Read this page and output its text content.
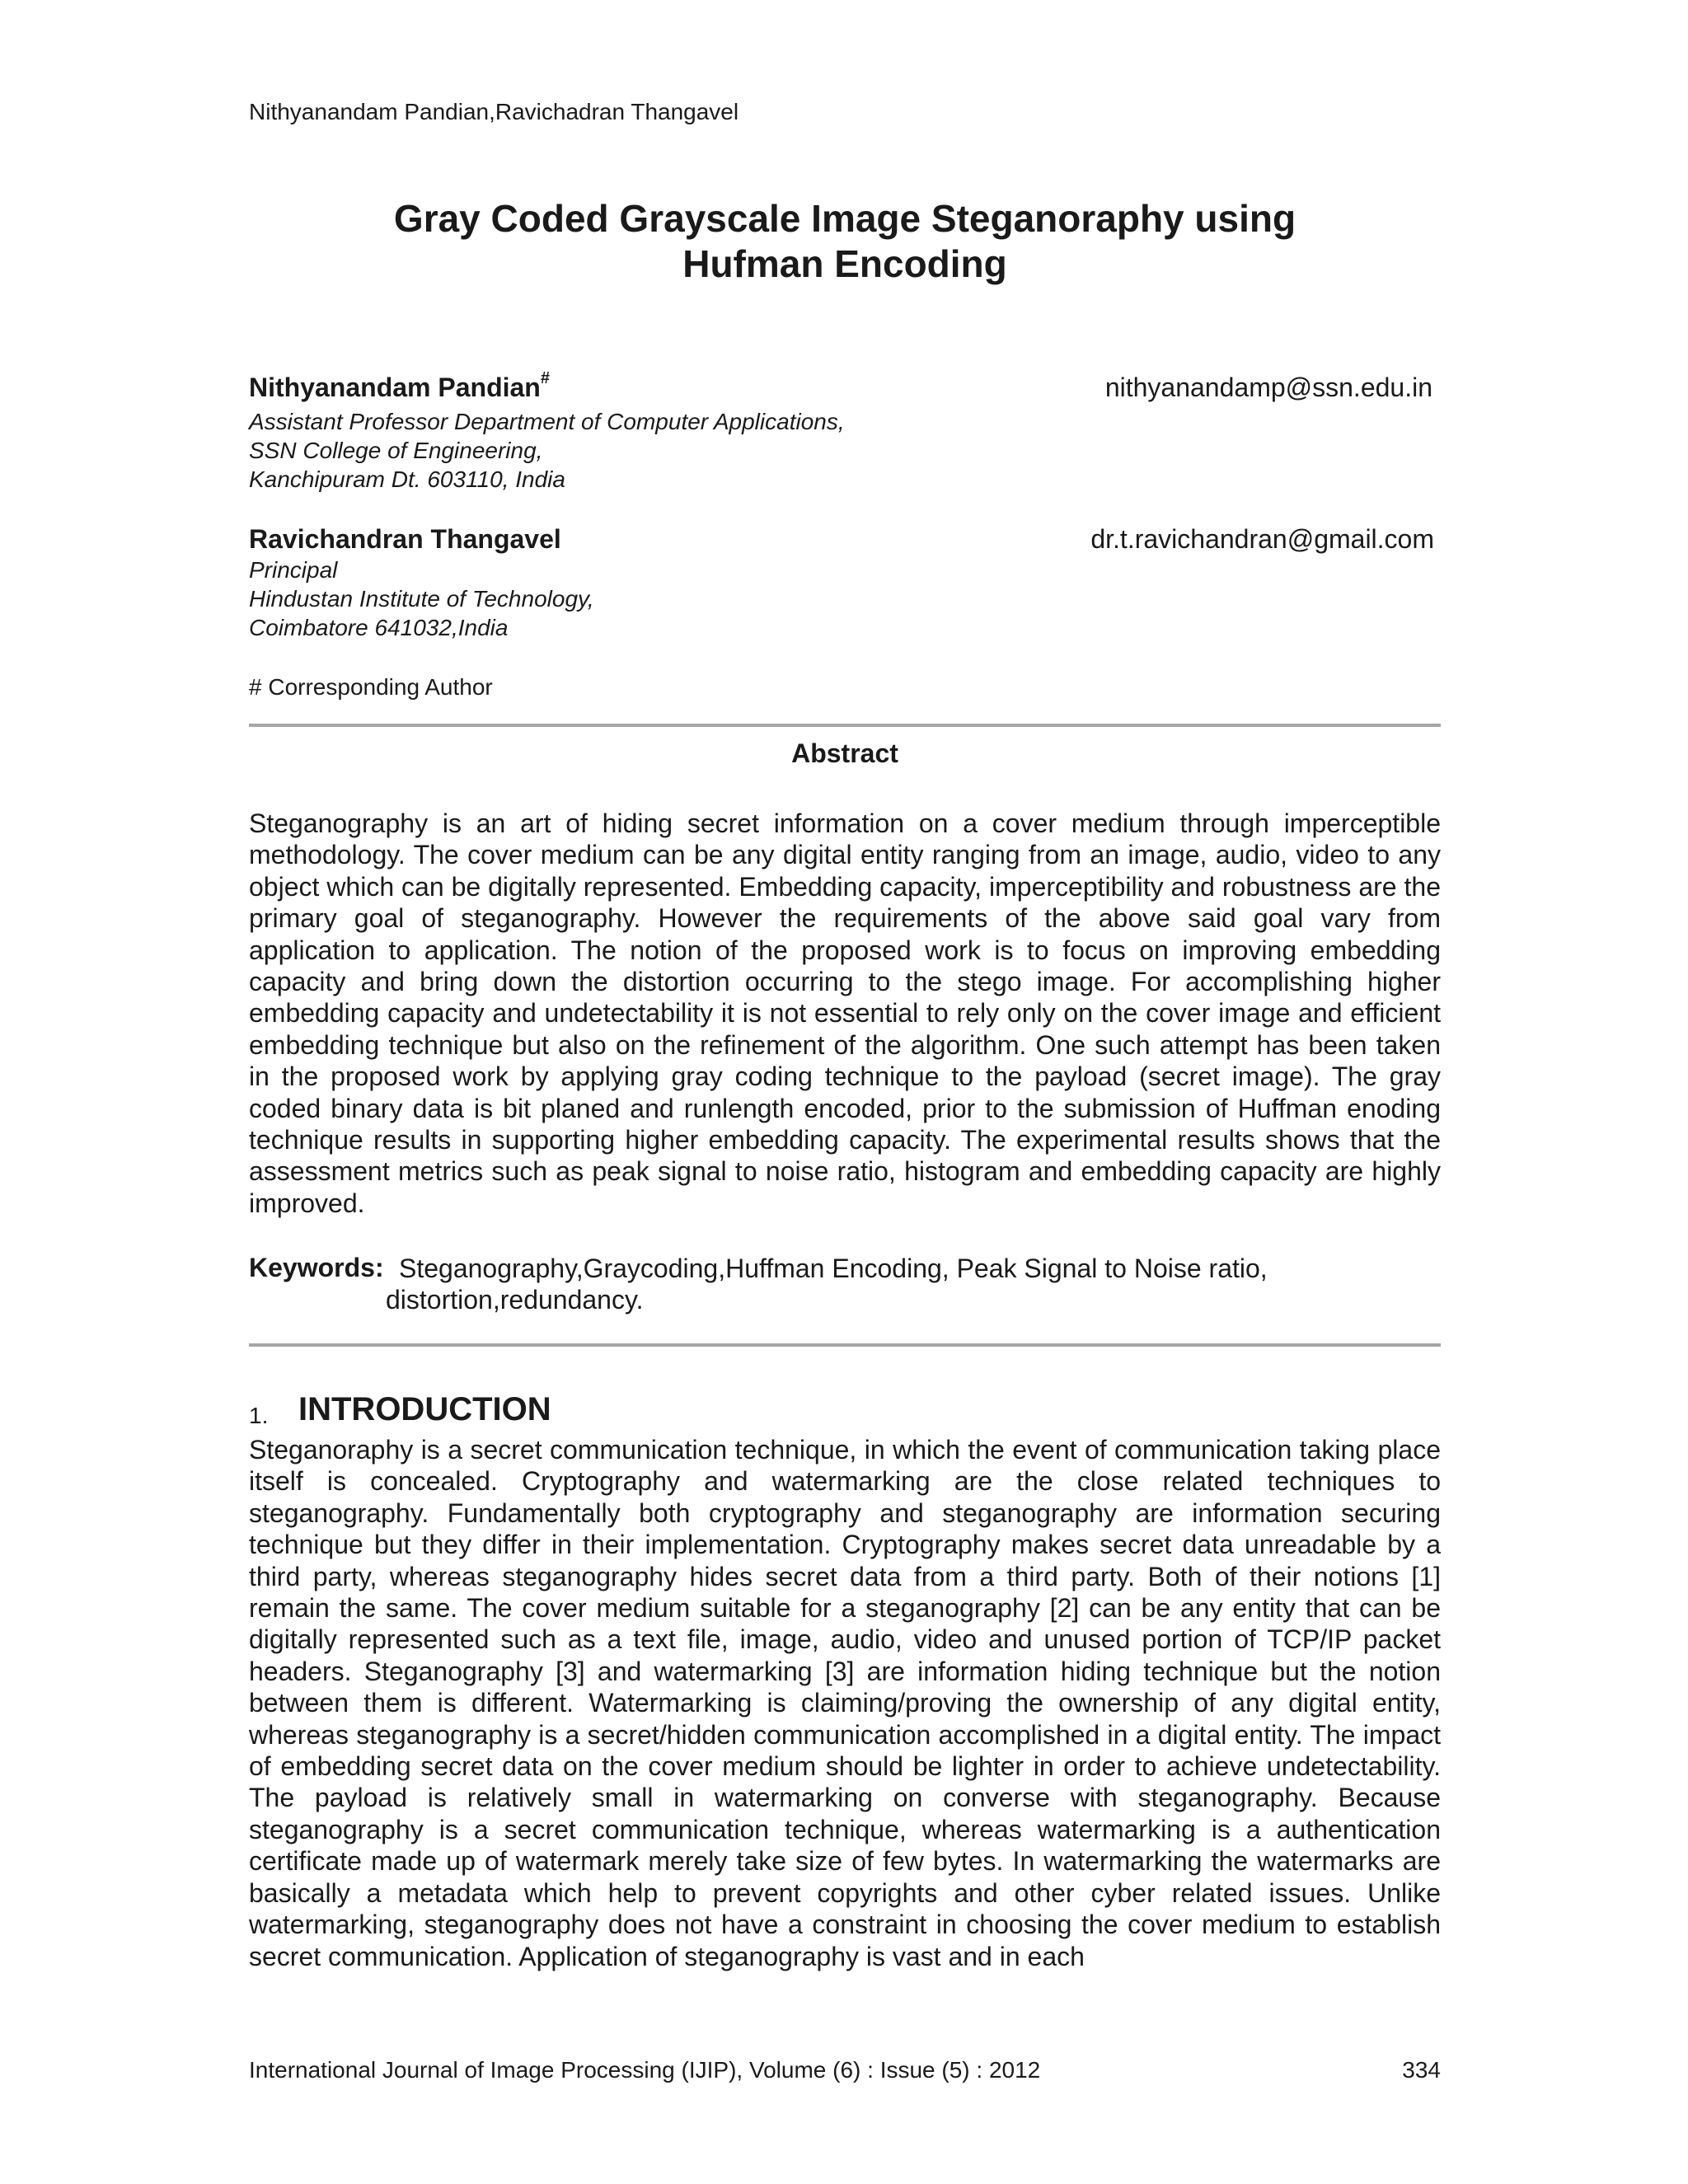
Nithyanandam Pandian,Ravichadran Thangavel
Gray Coded Grayscale Image Steganoraphy using
Hufman Encoding
Nithyanandam Pandian#	nithyanandamp@ssn.edu.in
Assistant Professor Department of Computer Applications,
SSN College of Engineering,
Kanchipuram Dt. 603110, India
Ravichandran Thangavel	dr.t.ravichandran@gmail.com
Principal
Hindustan Institute of Technology,
Coimbatore 641032,India
# Corresponding Author
Abstract

Steganography is an art of hiding secret information on a cover medium through imperceptible methodology. The cover medium can be any digital entity ranging from an image, audio, video to any object which can be digitally represented. Embedding capacity, imperceptibility and robustness are the primary goal of steganography. However the requirements of the above said goal vary from application to application. The notion of the proposed work is to focus on improving embedding capacity and bring down the distortion occurring to the stego image. For accomplishing higher embedding capacity and undetectability it is not essential to rely only on the cover image and efficient embedding technique but also on the refinement of the algorithm. One such attempt has been taken in the proposed work by applying gray coding technique to the payload (secret image). The gray coded binary data is bit planed and runlength encoded, prior to the submission of Huffman enoding technique results in supporting higher embedding capacity. The experimental results shows that the assessment metrics such as peak signal to noise ratio, histogram and embedding capacity are highly improved.

Keywords: Steganography,Graycoding,Huffman Encoding, Peak Signal to Noise ratio,
distortion,redundancy.
1. INTRODUCTION

Steganoraphy is a secret communication technique, in which the event of communication taking place itself is concealed. Cryptography and watermarking are the close related techniques to steganography. Fundamentally both cryptography and steganography are information securing technique but they differ in their implementation. Cryptography makes secret data unreadable by a third party, whereas steganography hides secret data from a third party. Both of their notions [1] remain the same. The cover medium suitable for a steganography [2] can be any entity that can be digitally represented such as a text file, image, audio, video and unused portion of TCP/IP packet headers. Steganography [3] and watermarking [3] are information hiding technique but the notion between them is different. Watermarking is claiming/proving the ownership of any digital entity, whereas steganography is a secret/hidden communication accomplished in a digital entity. The impact of embedding secret data on the cover medium should be lighter in order to achieve undetectability. The payload is relatively small in watermarking on converse with steganography. Because steganography is a secret communication technique, whereas watermarking is a authentication certificate made up of watermark merely take size of few bytes. In watermarking the watermarks are basically a metadata which help to prevent copyrights and other cyber related issues. Unlike watermarking, steganography does not have a constraint in choosing the cover medium to establish secret communication. Application of steganography is vast and in each

International Journal of Image Processing (IJIP), Volume (6) : Issue (5) : 2012	334
